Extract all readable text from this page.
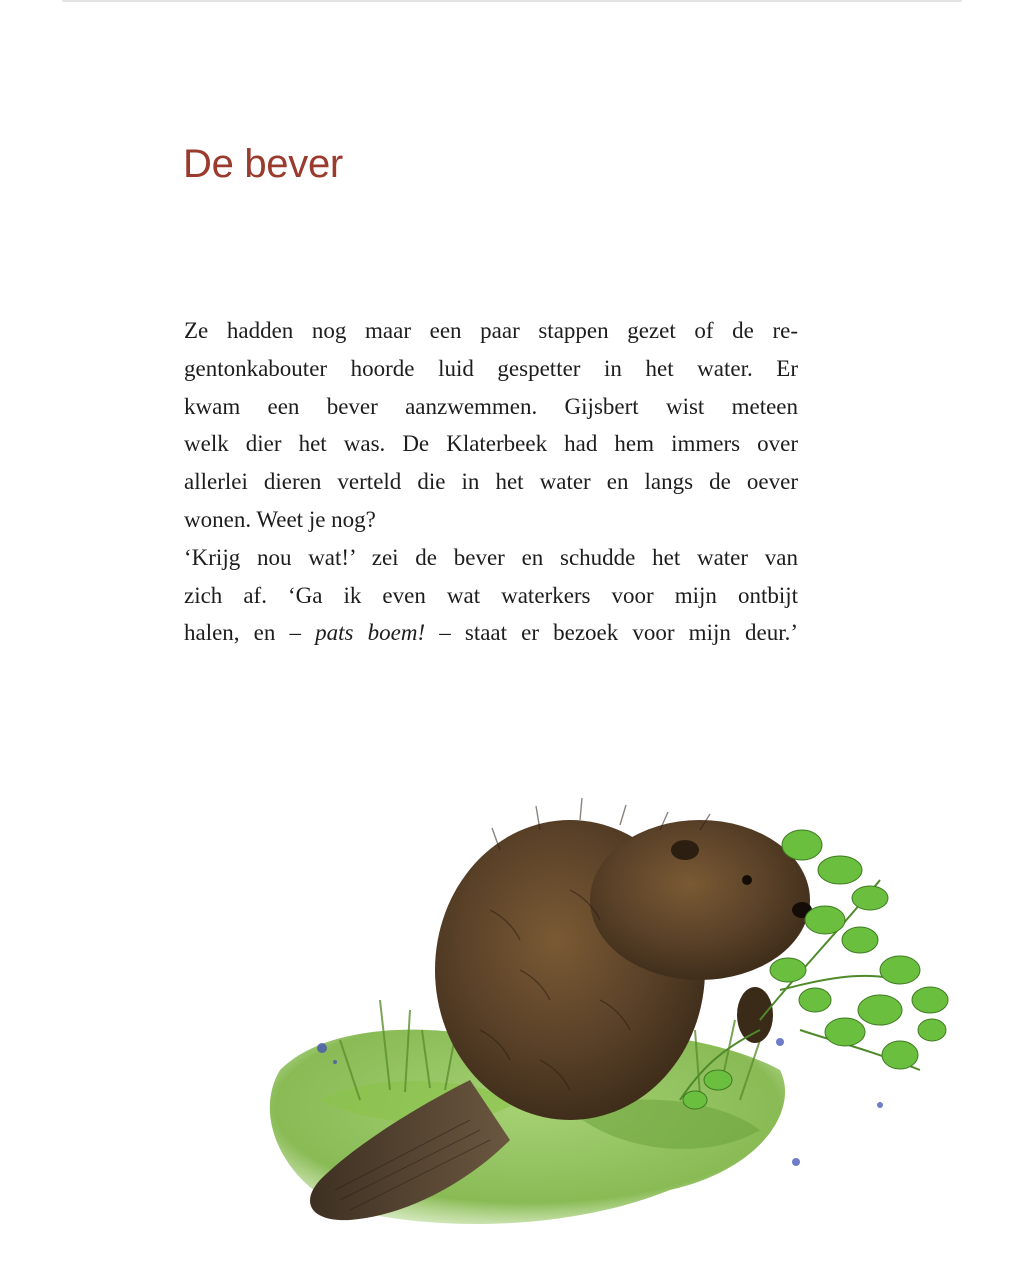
De bever
Ze hadden nog maar een paar stappen gezet of de re-
gentonkabouter hoorde luid gespetter in het water. Er
kwam een bever aanzwemmen. Gijsbert wist meteen
welk dier het was. De Klaterbeek had hem immers over
allerlei dieren verteld die in het water en langs de oever
wonen. Weet je nog?
‘Krijg nou wat!’ zei de bever en schudde het water van
zich af. ‘Ga ik even wat waterkers voor mijn ontbijt
halen, en – pats boem! – staat er bezoek voor mijn deur.’
